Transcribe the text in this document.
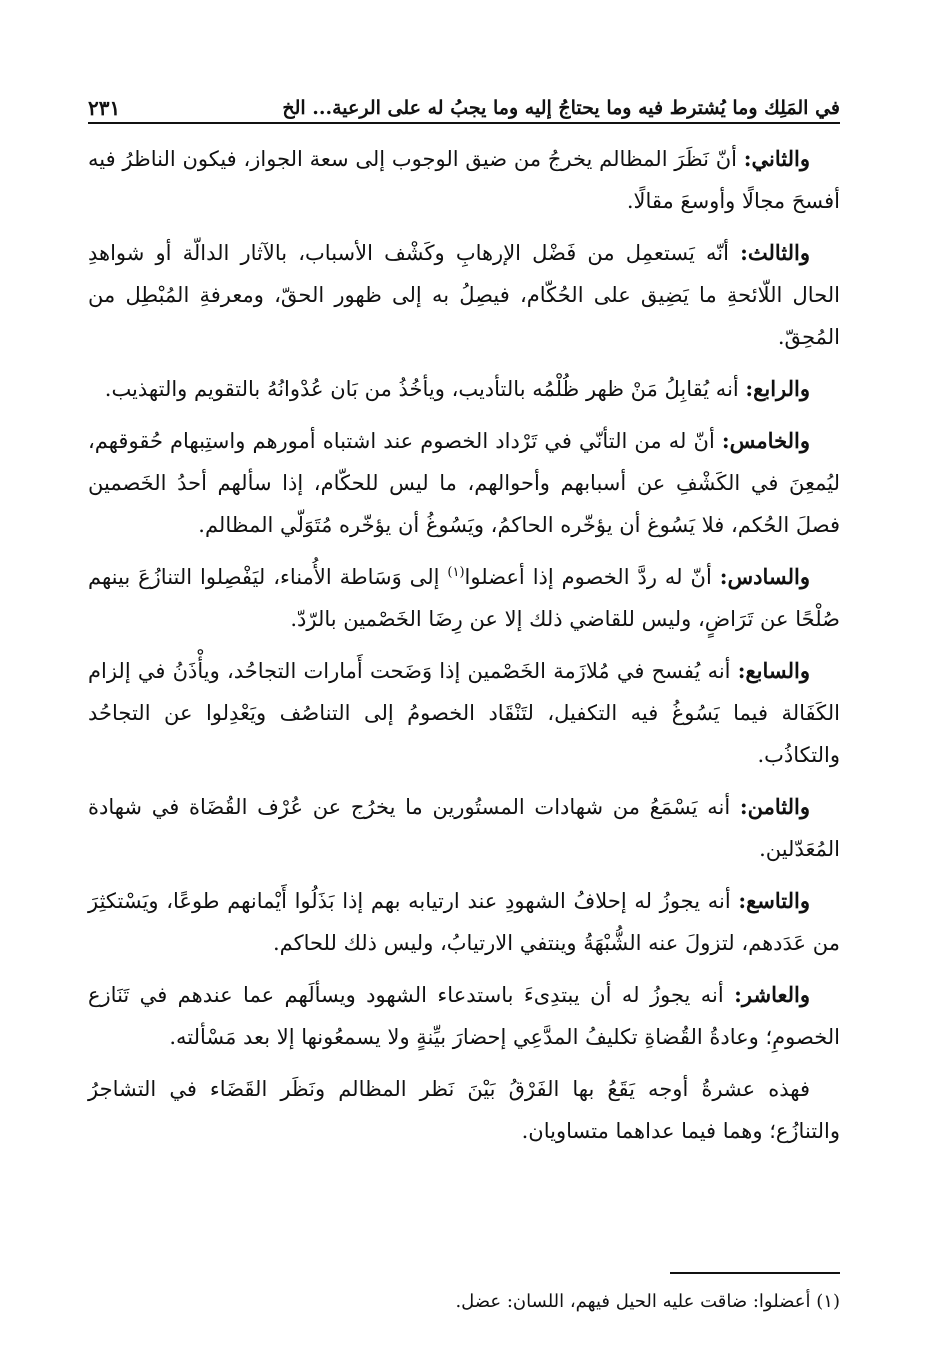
في المَلِك وما يُشترط فيه وما يحتاجُ إليه وما يجبُ له على الرعية... الخ
٢٣١

والثاني: أنّ نَظَرَ المظالم يخرجُ من ضيق الوجوب إلى سعة الجواز، فيكون الناظرُ فيه أفسحَ مجالًا وأوسعَ مقالًا.

والثالث: أنّه يَستعمِل من فَضْل الإرهابِ وكَشْف الأسباب، بالآثار الدالّة أو شواهدِ الحال اللّائحةِ ما يَضِيق على الحُكّام، فيصِلُ به إلى ظهور الحقّ، ومعرفةِ المُبْطِل من المُحِقّ.

والرابع: أنه يُقابِلُ مَنْ ظهر ظُلْمُه بالتأديب، ويأخُذُ من بَان عُدْوانُهُ بالتقويم والتهذيب.

والخامس: أنّ له من التأنّي في تَرْداد الخصوم عند اشتباه أمورهم واستِبهام حُقوقهم، ليُمعِنَ في الكَشْفِ عن أسبابهم وأحوالهم، ما ليس للحكّام، إذا سألهم أحدُ الخَصمين فصلَ الحُكم، فلا يَسُوغ أن يؤخّره الحاكمُ، ويَسُوغُ أن يؤخّره مُتَوَلّي المظالم.

والسادس: أنّ له ردَّ الخصوم إذا أعضلوا$^{(١)}$ إلى وَسَاطة الأُمناء، ليَفْصِلوا التنازُعَ بينهم صُلْحًا عن تَرَاضٍ، وليس للقاضي ذلك إلا عن رِضَا الخَصْمين بالرّدّ.

والسابع: أنه يُفسح في مُلازَمة الخَصْمين إذا وَضَحت أَمارات التجاحُد، ويأْذَنُ في إلزام الكَفَالة فيما يَسُوغُ فيه التكفيل، لتَنْقَاد الخصومُ إلى التناصُف ويَعْدِلوا عن التجاحُد والتكاذُب.

والثامن: أنه يَسْمَعُ من شهادات المستُورين ما يخرُج عن عُرْف القُضَاة في شهادة المُعَدّلين.

والتاسع: أنه يجوزُ له إحلافُ الشهودِ عند ارتيابه بهم إذا بَذَلُوا أَيْمانهم طوعًا، ويَسْتكثِرَ من عَدَدهم، لتزولَ عنه الشُّبْهَةُ وينتفي الارتيابُ، وليس ذلك للحاكم.

والعاشر: أنه يجوزُ له أن يبتدِىءَ باستدعاء الشهود ويسألَهم عما عندهم في تَنَازع الخصومِ؛ وعادةُ القُضاةِ تكليفُ المدَّعِي إحضارَ بيِّنةٍ ولا يسمعُونها إلا بعد مَسْألته.

فهذه عشرةُ أوجه يَقَعُ بها الفَرْقُ بَيْنَ نَظر المظالم ونَظَر القَضَاء في التشاجرُ والتنازُع؛ وهما فيما عداهما متساويان.

(١) أعضلوا: ضاقت عليه الحيل فيهم، اللسان: عضل.
